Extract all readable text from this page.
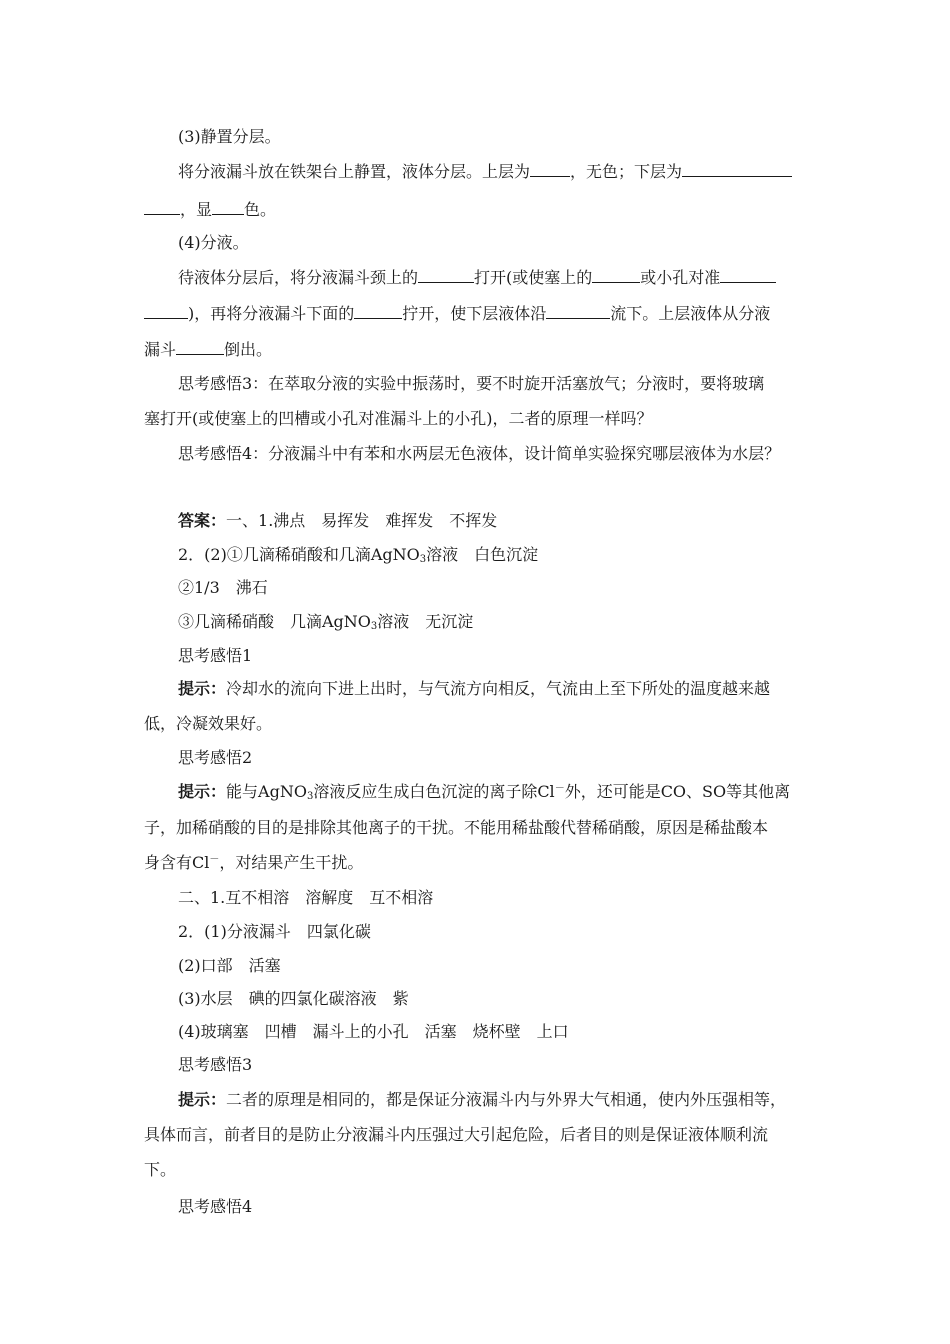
(3)静置分层。
将分液漏斗放在铁架台上静置，液体分层。上层为	，无色；下层为
，显 色。
(4)分液。
待液体分层后，将分液漏斗颈上的	打开(或使塞上的	或小孔对准
)，再将分液漏斗下面的	拧开，使下层液体沿	流下。上层液体从分液
漏斗	倒出。
思考感悟3：在萃取分液的实验中振荡时，要不时旋开活塞放气；分液时，要将玻璃
塞打开(或使塞上的凹槽或小孔对准漏斗上的小孔)，二者的原理一样吗？
思考感悟4：分液漏斗中有苯和水两层无色液体，设计简单实验探究哪层液体为水层？
答案：一、1.沸点　易挥发　难挥发　不挥发
2．(2)①几滴稀硝酸和几滴AgNO$_3$溶液　白色沉淀
②1/3　沸石
③几滴稀硝酸　几滴AgNO$_3$溶液　无沉淀
思考感悟1
提示：冷却水的流向下进上出时，与气流方向相反，气流由上至下所处的温度越来越
低，冷凝效果好。
思考感悟2
提示：能与AgNO$_3$溶液反应生成白色沉淀的离子除Cl－外，还可能是CO、SO等其他离
子，加稀硝酸的目的是排除其他离子的干扰。不能用稀盐酸代替稀硝酸，原因是稀盐酸本
身含有Cl－，对结果产生干扰。
二、1.互不相溶　溶解度　互不相溶
2．(1)分液漏斗　四氯化碳
(2)口部　活塞
(3)水层　碘的四氯化碳溶液　紫
(4)玻璃塞　凹槽　漏斗上的小孔　活塞　烧杯壁　上口
思考感悟3
提示：二者的原理是相同的，都是保证分液漏斗内与外界大气相通，使内外压强相等，
具体而言，前者目的是防止分液漏斗内压强过大引起危险，后者目的则是保证液体顺利流
下。
思考感悟4
